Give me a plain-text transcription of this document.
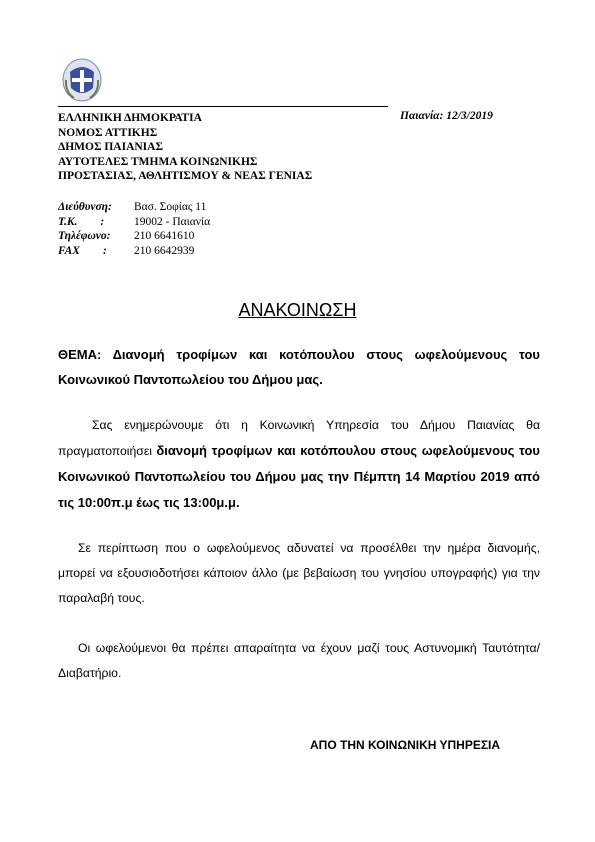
ΕΛΛΗΝΙΚΗ ΔΗΜΟΚΡΑΤΙΑ
ΝΟΜΟΣ ΑΤΤΙΚΗΣ
ΔΗΜΟΣ ΠΑΙΑΝΙΑΣ
ΑΥΤΟΤΕΛΕΣ ΤΜΗΜΑ ΚΟΙΝΩΝΙΚΗΣ
ΠΡΟΣΤΑΣΙΑΣ, ΑΘΛΗΤΙΣΜΟΥ & ΝΕΑΣ ΓΕΝΙΑΣ
Παιανία: 12/3/2019
Διεύθυνση:	Βασ. Σοφίας 11
Τ.Κ.        :	19002 - Παιανία
Τηλέφωνο:	210 6641610
FAX        :	210 6642939
ΑΝΑΚΟΙΝΩΣΗ
ΘΕΜΑ: Διανομή τροφίμων και κοτόπουλου στους ωφελούμενους του Κοινωνικού Παντοπωλείου του Δήμου μας.
Σας ενημερώνουμε ότι η Κοινωνική Υπηρεσία του Δήμου Παιανίας θα πραγματοποιήσει διανομή τροφίμων και κοτόπουλου στους ωφελούμενους του Κοινωνικού Παντοπωλείου του Δήμου μας την Πέμπτη 14 Μαρτίου 2019 από τις 10:00π.μ έως τις 13:00μ.μ.
Σε περίπτωση που ο ωφελούμενος αδυνατεί να προσέλθει την ημέρα διανομής, μπορεί να εξουσιοδοτήσει κάποιον άλλο (με βεβαίωση του γνησίου υπογραφής) για την παραλαβή τους.
Οι ωφελούμενοι θα πρέπει απαραίτητα να έχουν μαζί τους Αστυνομική Ταυτότητα/Διαβατήριο.
ΑΠΟ ΤΗΝ ΚΟΙΝΩΝΙΚΗ ΥΠΗΡΕΣΙΑ
